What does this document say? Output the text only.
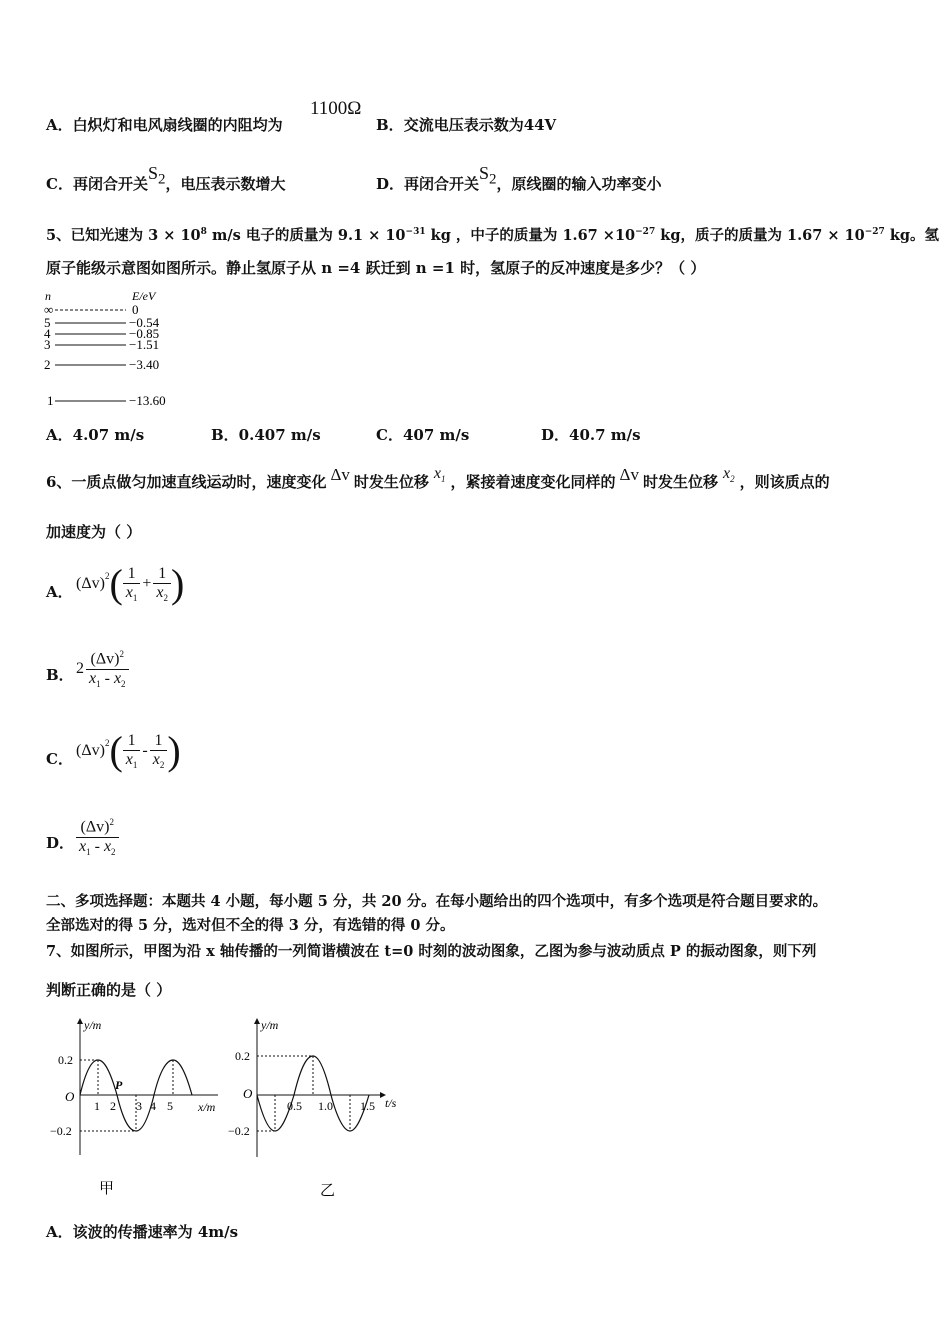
A．白炽灯和电风扇线圈的内阻均为
1100Ω
B．交流电压表示数为44V
C．再闭合开关$S_2$，电压表示数增大	D．再闭合开关$S_2$，原线圈的输入功率变小
5、已知光速为 $3 \times 10^8$ m/s 电子的质量为 $9.1 \times 10^{-31}$ kg ，中子的质量为 $1.67 \times 10^{-27}$ kg，质子的质量为 $1.67 \times 10^{-27}$ kg。氢
原子能级示意图如图所示。静止氢原子从 n =4 跃迁到 n =1 时，氢原子的反冲速度是多少？（ ）
n	E/eV
∞
5
4
3
2
1
0
−0.54
−0.85
−1.51
−3.40
−13.60
A．4.07 m/s	B．0.407 m/s	C．407 m/s	D．40.7 m/s
6、一质点做匀加速直线运动时，速度变化 Δv 时发生位移 $x_1$ ，紧接着速度变化同样的 Δv 时发生位移 $x_2$ ，则该质点的
加速度为（ ）
A． $(\Delta v)^2$ ( $\frac{1}{x_1} + \frac{1}{x_2}$ )
B． $2 \frac{(\Delta v)^2}{x_1 - x_2}$
C． $(\Delta v)^2$ ( $\frac{1}{x_1} - \frac{1}{x_2}$ )
D． $\frac{(\Delta v)^2}{x_1 - x_2}$
二、多项选择题：本题共 4 小题，每小题 5 分，共 20 分。在每小题给出的四个选项中，有多个选项是符合题目要求的。
全部选对的得 5 分，选对但不全的得 3 分，有选错的得 0 分。
7、如图所示，甲图为沿 x 轴传播的一列简谐横波在 t=0 时刻的波动图象，乙图为参与波动质点 P 的振动图象，则下列
判断正确的是（ ）
y/m
x/m
O
0.2
−0.2
P
1 2 3 4 5
甲
y/m
t/s
O
0.2
−0.2
0.5 1.0 1.5
乙
A．该波的传播速率为 4m/s
